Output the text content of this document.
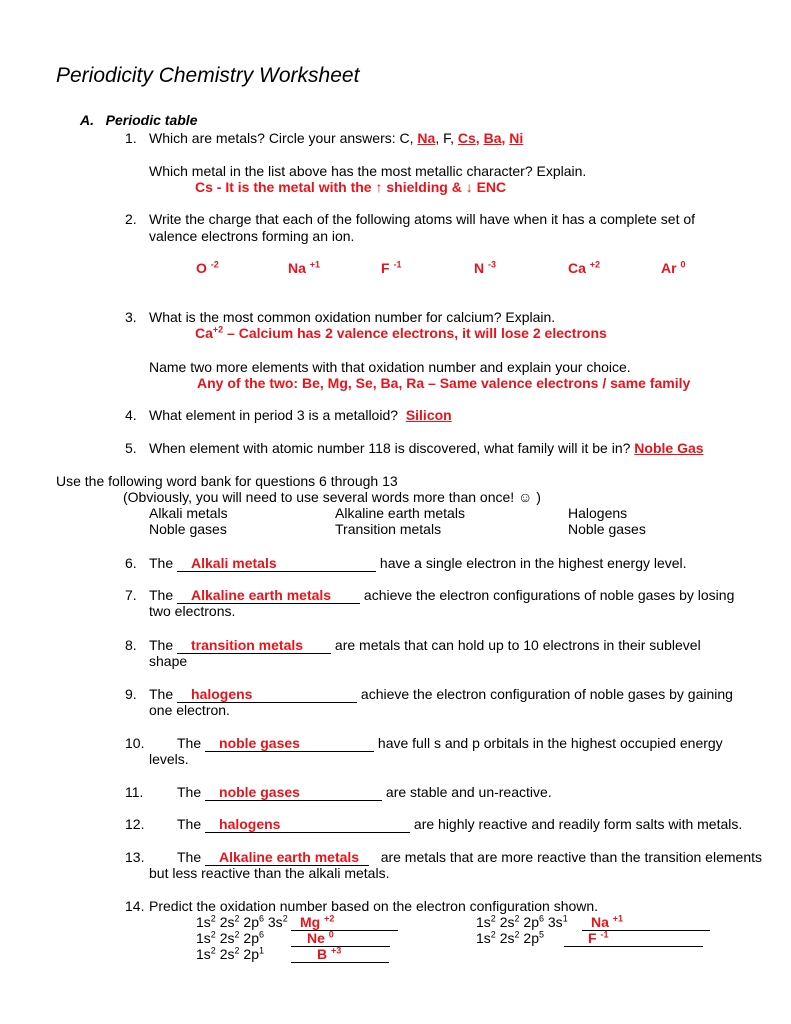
Periodicity Chemistry Worksheet
A. Periodic table
1. Which are metals? Circle your answers: C, Na, F, Cs, Ba, Ni
Which metal in the list above has the most metallic character? Explain.
Cs - It is the metal with the ↑ shielding & ↓ ENC
2. Write the charge that each of the following atoms will have when it has a complete set of
valence electrons forming an ion.
O $^{-2}$	Na $^{+1}$	F $^{-1}$	N $^{-3}$	Ca $^{+2}$	Ar $^0$
3. What is the most common oxidation number for calcium? Explain.
$Ca^{+2}$ – Calcium has 2 valence electrons, it will lose 2 electrons
Name two more elements with that oxidation number and explain your choice.
Any of the two: Be, Mg, Se, Ba, Ra – Same valence electrons / same family
4. What element in period 3 is a metalloid? Silicon
5. When element with atomic number 118 is discovered, what family will it be in? Noble Gas
Use the following word bank for questions 6 through 13
(Obviously, you will need to use several words more than once! ☺ )
Alkali metals	Alkaline earth metals	Halogens
Noble gases	Transition metals	Noble gases
6. The Alkali metals	have a single electron in the highest energy level.
7. The Alkaline earth metals achieve the electron configurations of noble gases by losing
two electrons.
8. The transition metals are metals that can hold up to 10 electrons in their sublevel
shape
9. The halogens	achieve the electron configuration of noble gases by gaining
one electron.
10. The noble gases	have full s and p orbitals in the highest occupied energy
levels.
11. The noble gases	are stable and un-reactive.
12. The halogens	are highly reactive and readily form salts with metals.
13. The Alkaline earth metals are metals that are more reactive than the transition elements
but less reactive than the alkali metals.
14. Predict the oxidation number based on the electron configuration shown.
$1s^2$ $2s^2$ $2p^6$ $3s^2$ Mg $^{+2}$	$1s^2$ $2s^2$ $2p^6$ $3s^1$	Na $^{+1}$
$1s^2$ $2s^2$ $2p^6$	Ne $^0$	$1s^2$ $2s^2$ $2p^5$	F $^{-1}$
$1s^2$ $2s^2$ $2p^1$	B $^{+3}$
